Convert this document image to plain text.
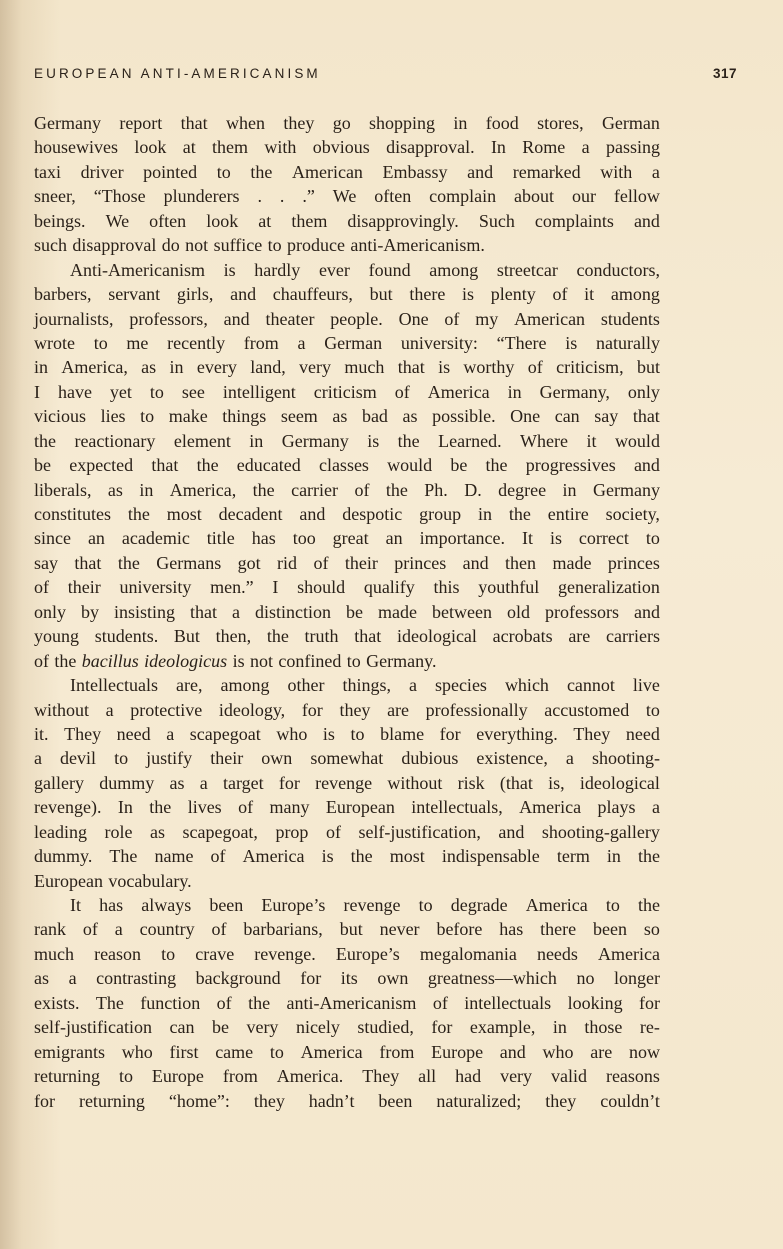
EUROPEAN ANTI-AMERICANISM	317
Germany report that when they go shopping in food stores, German
housewives look at them with obvious disapproval. In Rome a passing
taxi driver pointed to the American Embassy and remarked with a
sneer, “Those plunderers . . .” We often complain about our fellow
beings. We often look at them disapprovingly. Such complaints and
such disapproval do not suffice to produce anti-Americanism.
Anti-Americanism is hardly ever found among streetcar conductors,
barbers, servant girls, and chauffeurs, but there is plenty of it among
journalists, professors, and theater people. One of my American students
wrote to me recently from a German university: “There is naturally
in America, as in every land, very much that is worthy of criticism, but
I have yet to see intelligent criticism of America in Germany, only
vicious lies to make things seem as bad as possible. One can say that
the reactionary element in Germany is the Learned. Where it would
be expected that the educated classes would be the progressives and
liberals, as in America, the carrier of the Ph. D. degree in Germany
constitutes the most decadent and despotic group in the entire society,
since an academic title has too great an importance. It is correct to
say that the Germans got rid of their princes and then made princes
of their university men.” I should qualify this youthful generalization
only by insisting that a distinction be made between old professors and
young students. But then, the truth that ideological acrobats are carriers
of the bacillus ideologicus is not confined to Germany.
Intellectuals are, among other things, a species which cannot live
without a protective ideology, for they are professionally accustomed to
it. They need a scapegoat who is to blame for everything. They need
a devil to justify their own somewhat dubious existence, a shooting-
gallery dummy as a target for revenge without risk (that is, ideological
revenge). In the lives of many European intellectuals, America plays a
leading role as scapegoat, prop of self-justification, and shooting-gallery
dummy. The name of America is the most indispensable term in the
European vocabulary.
It has always been Europe’s revenge to degrade America to the
rank of a country of barbarians, but never before has there been so
much reason to crave revenge. Europe’s megalomania needs America
as a contrasting background for its own greatness—which no longer
exists. The function of the anti-Americanism of intellectuals looking for
self-justification can be very nicely studied, for example, in those re-
emigrants who first came to America from Europe and who are now
returning to Europe from America. They all had very valid reasons
for returning “home”: they hadn’t been naturalized; they couldn’t
